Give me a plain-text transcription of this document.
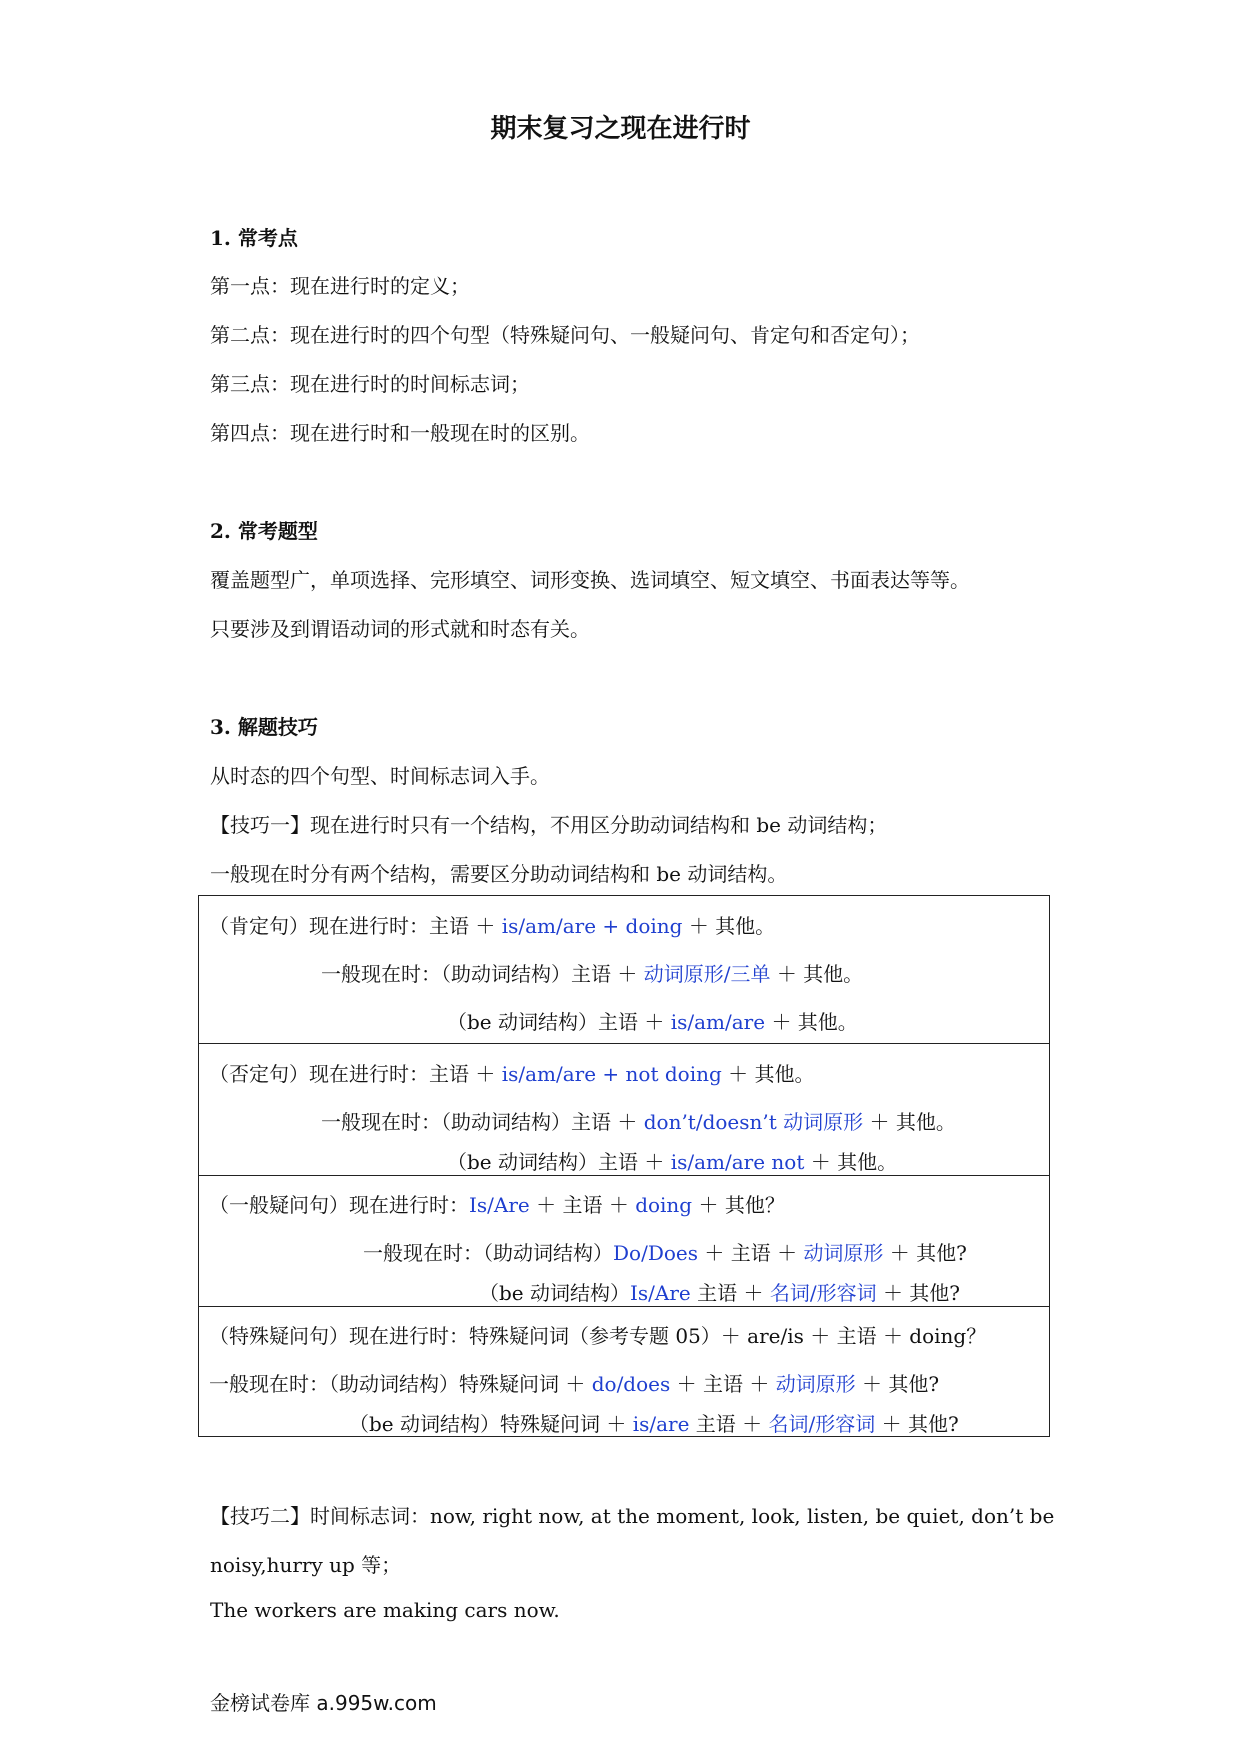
期末复习之现在进行时
1. 常考点
第一点：现在进行时的定义；
第二点：现在进行时的四个句型（特殊疑问句、一般疑问句、肯定句和否定句）；
第三点：现在进行时的时间标志词；
第四点：现在进行时和一般现在时的区别。
2. 常考题型
覆盖题型广，单项选择、完形填空、词形变换、选词填空、短文填空、书面表达等等。
只要涉及到谓语动词的形式就和时态有关。
3. 解题技巧
从时态的四个句型、时间标志词入手。
【技巧一】现在进行时只有一个结构，不用区分助动词结构和 be 动词结构；
一般现在时分有两个结构，需要区分助动词结构和 be 动词结构。
（肯定句）现在进行时：主语 ＋ is/am/are + doing ＋ 其他。
一般现在时：（助动词结构）主语 ＋ 动词原形/三单 ＋ 其他。
（be 动词结构）主语 ＋ is/am/are ＋ 其他。
（否定句）现在进行时：主语 ＋ is/am/are + not doing ＋ 其他。
一般现在时：（助动词结构）主语 ＋ don’t/doesn’t 动词原形 ＋ 其他。
（be 动词结构）主语 ＋ is/am/are not ＋ 其他。
（一般疑问句）现在进行时：Is/Are ＋ 主语 ＋ doing ＋ 其他？
一般现在时：（助动词结构）Do/Does ＋ 主语 ＋ 动词原形 ＋ 其他?
（be 动词结构）Is/Are 主语 ＋ 名词/形容词 ＋ 其他?
（特殊疑问句）现在进行时：特殊疑问词（参考专题 05）＋ are/is ＋ 主语 ＋ doing？
一般现在时：（助动词结构）特殊疑问词 ＋ do/does ＋ 主语 ＋ 动词原形 ＋ 其他?
（be 动词结构）特殊疑问词 ＋ is/are 主语 ＋ 名词/形容词 ＋ 其他?
【技巧二】时间标志词：now, right now, at the moment, look, listen, be quiet, don’t be
noisy,hurry up 等；
The workers are making cars now.
金榜试卷库 a.995w.com
